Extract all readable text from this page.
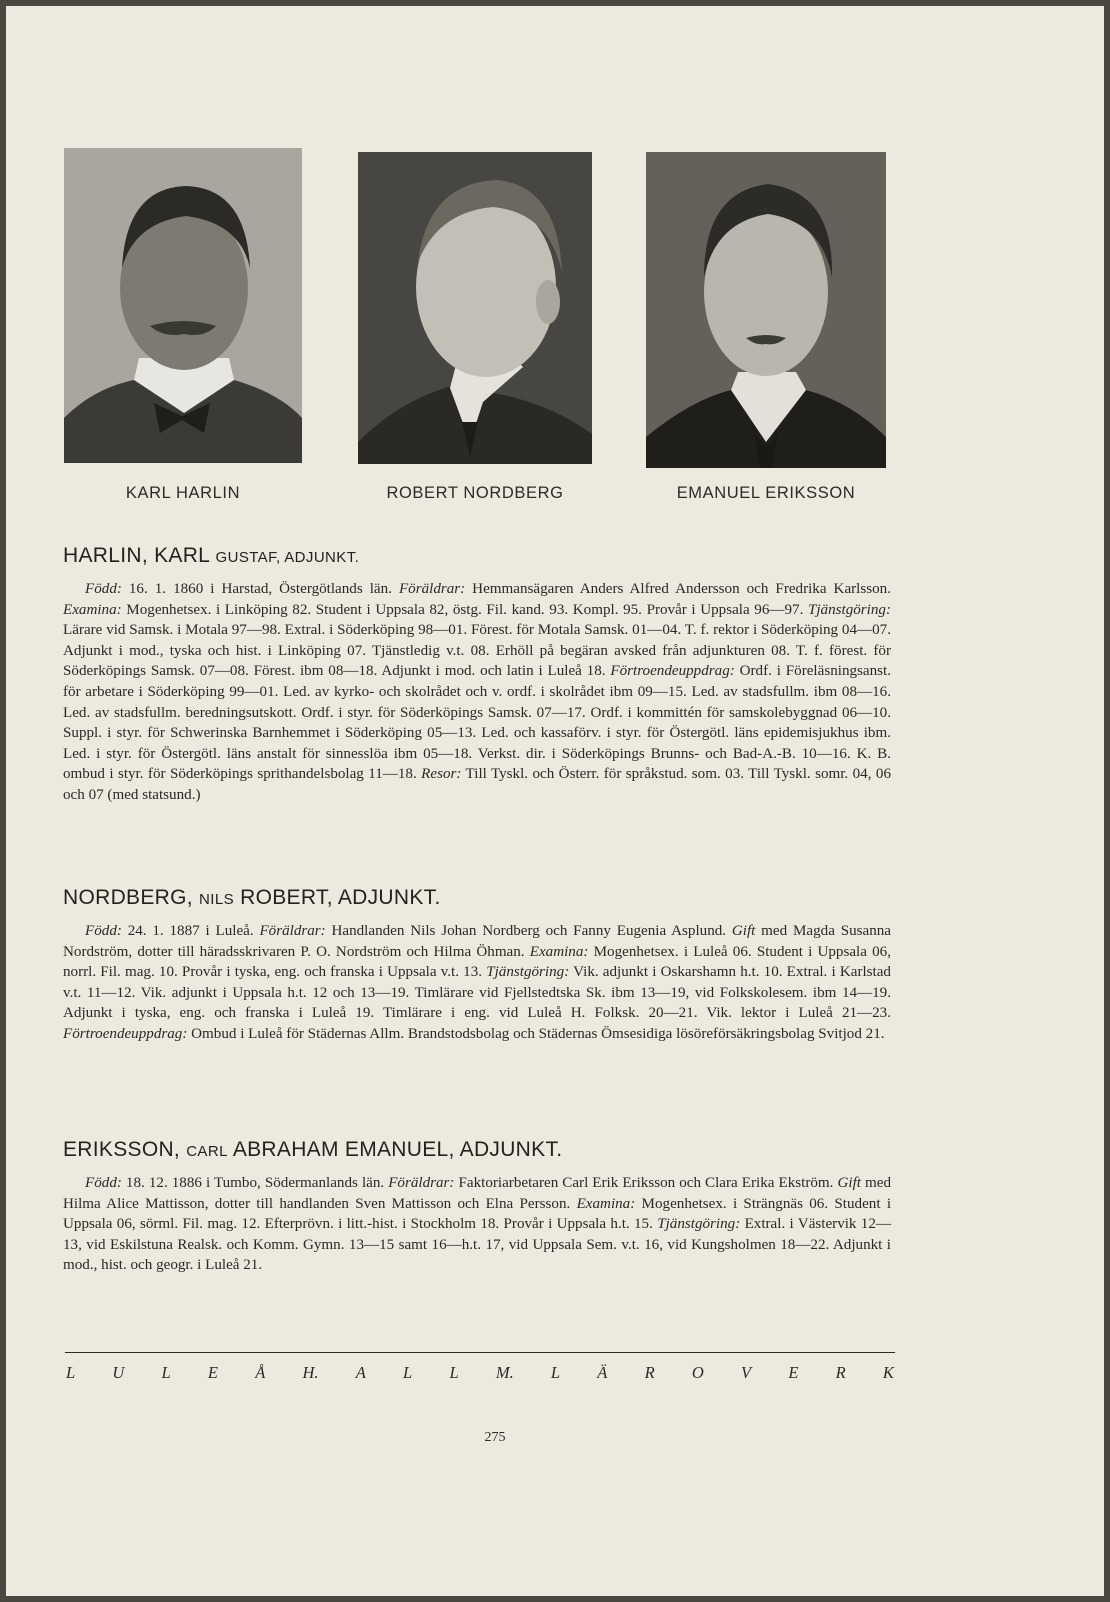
KARL HARLIN	ROBERT NORDBERG	EMANUEL ERIKSSON
HARLIN, KARL GUSTAF, ADJUNKT.

Född: 16. 1. 1860 i Harstad, Östergötlands län. Föräldrar: Hemmansägaren Anders Alfred Andersson och Fredrika Karlsson. Examina: Mogenhetsex. i Linköping 82. Student i Uppsala 82, östg. Fil. kand. 93. Kompl. 95. Provår i Uppsala 96—97. Tjänstgöring: Lärare vid Samsk. i Motala 97—98. Extral. i Söderköping 98—01. Förest. för Motala Samsk. 01—04. T. f. rektor i Söderköping 04—07. Adjunkt i mod., tyska och hist. i Linköping 07. Tjänstledig v.t. 08. Erhöll på begäran avsked från adjunkturen 08. T. f. förest. för Söderköpings Samsk. 07—08. Förest. ibm 08—18. Adjunkt i mod. och latin i Luleå 18. Förtroendeuppdrag: Ordf. i Föreläsningsanst. för arbetare i Söderköping 99—01. Led. av kyrko- och skolrådet och v. ordf. i skolrådet ibm 09—15. Led. av stadsfullm. ibm 08—16. Led. av stadsfullm. beredningsutskott. Ordf. i styr. för Söderköpings Samsk. 07—17. Ordf. i kommittén för samskolebyggnad 06—10. Suppl. i styr. för Schwerinska Barnhemmet i Söderköping 05—13. Led. och kassaförv. i styr. för Östergötl. läns epidemisjukhus ibm. Led. i styr. för Östergötl. läns anstalt för sinnesslöa ibm 05—18. Verkst. dir. i Söderköpings Brunns- och Bad-A.-B. 10—16. K. B. ombud i styr. för Söderköpings sprithandelsbolag 11—18. Resor: Till Tyskl. och Österr. för språkstud. som. 03. Till Tyskl. somr. 04, 06 och 07 (med statsund.)

NORDBERG, NILS ROBERT, ADJUNKT.

Född: 24. 1. 1887 i Luleå. Föräldrar: Handlanden Nils Johan Nordberg och Fanny Eugenia Asplund. Gift med Magda Susanna Nordström, dotter till häradsskrivaren P. O. Nordström och Hilma Öhman. Examina: Mogenhetsex. i Luleå 06. Student i Uppsala 06, norrl. Fil. mag. 10. Provår i tyska, eng. och franska i Uppsala v.t. 13. Tjänstgöring: Vik. adjunkt i Oskarshamn h.t. 10. Extral. i Karlstad v.t. 11—12. Vik. adjunkt i Uppsala h.t. 12 och 13—19. Timlärare vid Fjellstedtska Sk. ibm 13—19, vid Folkskolesem. ibm 14—19. Adjunkt i tyska, eng. och franska i Luleå 19. Timlärare i eng. vid Luleå H. Folksk. 20—21. Vik. lektor i Luleå 21—23. Förtroendeuppdrag: Ombud i Luleå för Städernas Allm. Brandstodsbolag och Städernas Ömsesidiga lösöreförsäkringsbolag Svitjod 21.

ERIKSSON, CARL ABRAHAM EMANUEL, ADJUNKT.

Född: 18. 12. 1886 i Tumbo, Södermanlands län. Föräldrar: Faktoriarbetaren Carl Erik Eriksson och Clara Erika Ekström. Gift med Hilma Alice Mattisson, dotter till handlanden Sven Mattisson och Elna Persson. Examina: Mogenhetsex. i Strängnäs 06. Student i Uppsala 06, sörml. Fil. mag. 12. Efterprövn. i litt.-hist. i Stockholm 18. Provår i Uppsala h.t. 15. Tjänstgöring: Extral. i Västervik 12—13, vid Eskilstuna Realsk. och Komm. Gymn. 13—15 samt 16—h.t. 17, vid Uppsala Sem. v.t. 16, vid Kungsholmen 18—22. Adjunkt i mod., hist. och geogr. i Luleå 21.

L U L E Å H. A L L M. L Ä R O V E R K
275
